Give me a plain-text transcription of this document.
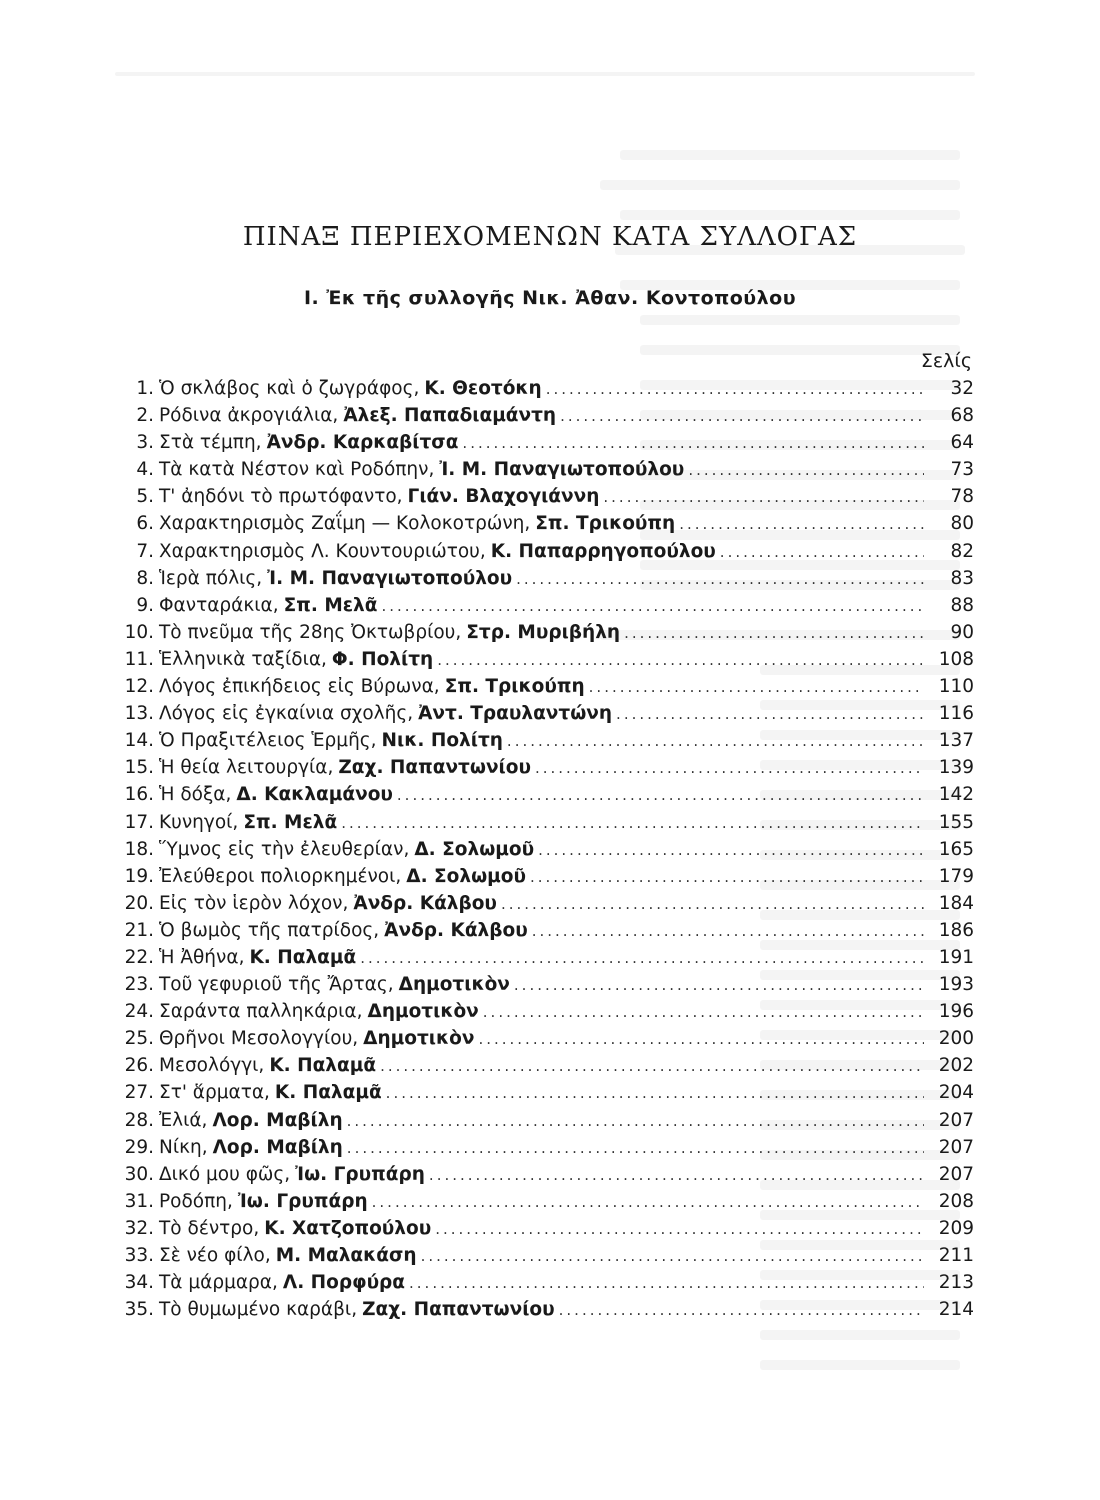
ΠΙΝΑΞ ΠΕΡΙΕΧΟΜΕΝΩΝ ΚΑΤΑ ΣΥΛΛΟΓΑΣ
Ι. Ἐκ τῆς συλλογῆς Νικ. Ἀθαν. Κοντοπούλου
Σελίς
1. Ὁ σκλάβος καὶ ὁ ζωγράφος, Κ. Θεοτόκη .....	32
2. Ρόδινα ἀκρογιάλια, Ἀλεξ. Παπαδιαμάντη .....	68
3. Στὰ τέμπη, Ἀνδρ. Καρκαβίτσα .....	64
4. Τὰ κατὰ Νέστον καὶ Ροδόπην, Ἰ. Μ. Παναγιωτοπούλου .....	73
5. Τ' ἀηδόνι τὸ πρωτόφαντο, Γιάν. Βλαχογιάννη .....	78
6. Χαρακτηρισμὸς Ζαΐμη — Κολοκοτρώνη, Σπ. Τρικούπη .....	80
7. Χαρακτηρισμὸς Λ. Κουντουριώτου, Κ. Παπαρρηγοπούλου .....	82
8. Ἱερὰ πόλις, Ἰ. Μ. Παναγιωτοπούλου .....	83
9. Φανταράκια, Σπ. Μελᾶ .....	88
10. Τὸ πνεῦμα τῆς 28ης Ὀκτωβρίου, Στρ. Μυριβήλη .....	90
11. Ἑλληνικὰ ταξίδια, Φ. Πολίτη .....	108
12. Λόγος ἐπικήδειος εἰς Βύρωνα, Σπ. Τρικούπη .....	110
13. Λόγος εἰς ἐγκαίνια σχολῆς, Ἀντ. Τραυλαντώνη .....	116
14. Ὁ Πραξιτέλειος Ἑρμῆς, Νικ. Πολίτη .....	137
15. Ἡ θεία λειτουργία, Ζαχ. Παπαντωνίου .....	139
16. Ἡ δόξα, Δ. Κακλαμάνου .....	142
17. Κυνηγοί, Σπ. Μελᾶ .....	155
18. Ὕμνος εἰς τὴν ἐλευθερίαν, Δ. Σολωμοῦ .....	165
19. Ἐλεύθεροι πολιορκημένοι, Δ. Σολωμοῦ .....	179
20. Εἰς τὸν ἱερὸν λόχον, Ἀνδρ. Κάλβου .....	184
21. Ὁ βωμὸς τῆς πατρίδος, Ἀνδρ. Κάλβου .....	186
22. Ἡ Ἀθήνα, Κ. Παλαμᾶ .....	191
23. Τοῦ γεφυριοῦ τῆς Ἄρτας, Δημοτικὸν .....	193
24. Σαράντα παλληκάρια, Δημοτικὸν .....	196
25. Θρῆνοι Μεσολογγίου, Δημοτικὸν .....	200
26. Μεσολόγγι, Κ. Παλαμᾶ .....	202
27. Στ' ἅρματα, Κ. Παλαμᾶ .....	204
28. Ἐλιά, Λορ. Μαβίλη .....	207
29. Νίκη, Λορ. Μαβίλη .....	207
30. Δικό μου φῶς, Ἰω. Γρυπάρη .....	207
31. Ροδόπη, Ἰω. Γρυπάρη .....	208
32. Τὸ δέντρο, Κ. Χατζοπούλου .....	209
33. Σὲ νέο φίλο, Μ. Μαλακάση .....	211
34. Τὰ μάρμαρα, Λ. Πορφύρα .....	213
35. Τὸ θυμωμένο καράβι, Ζαχ. Παπαντωνίου .....	214
